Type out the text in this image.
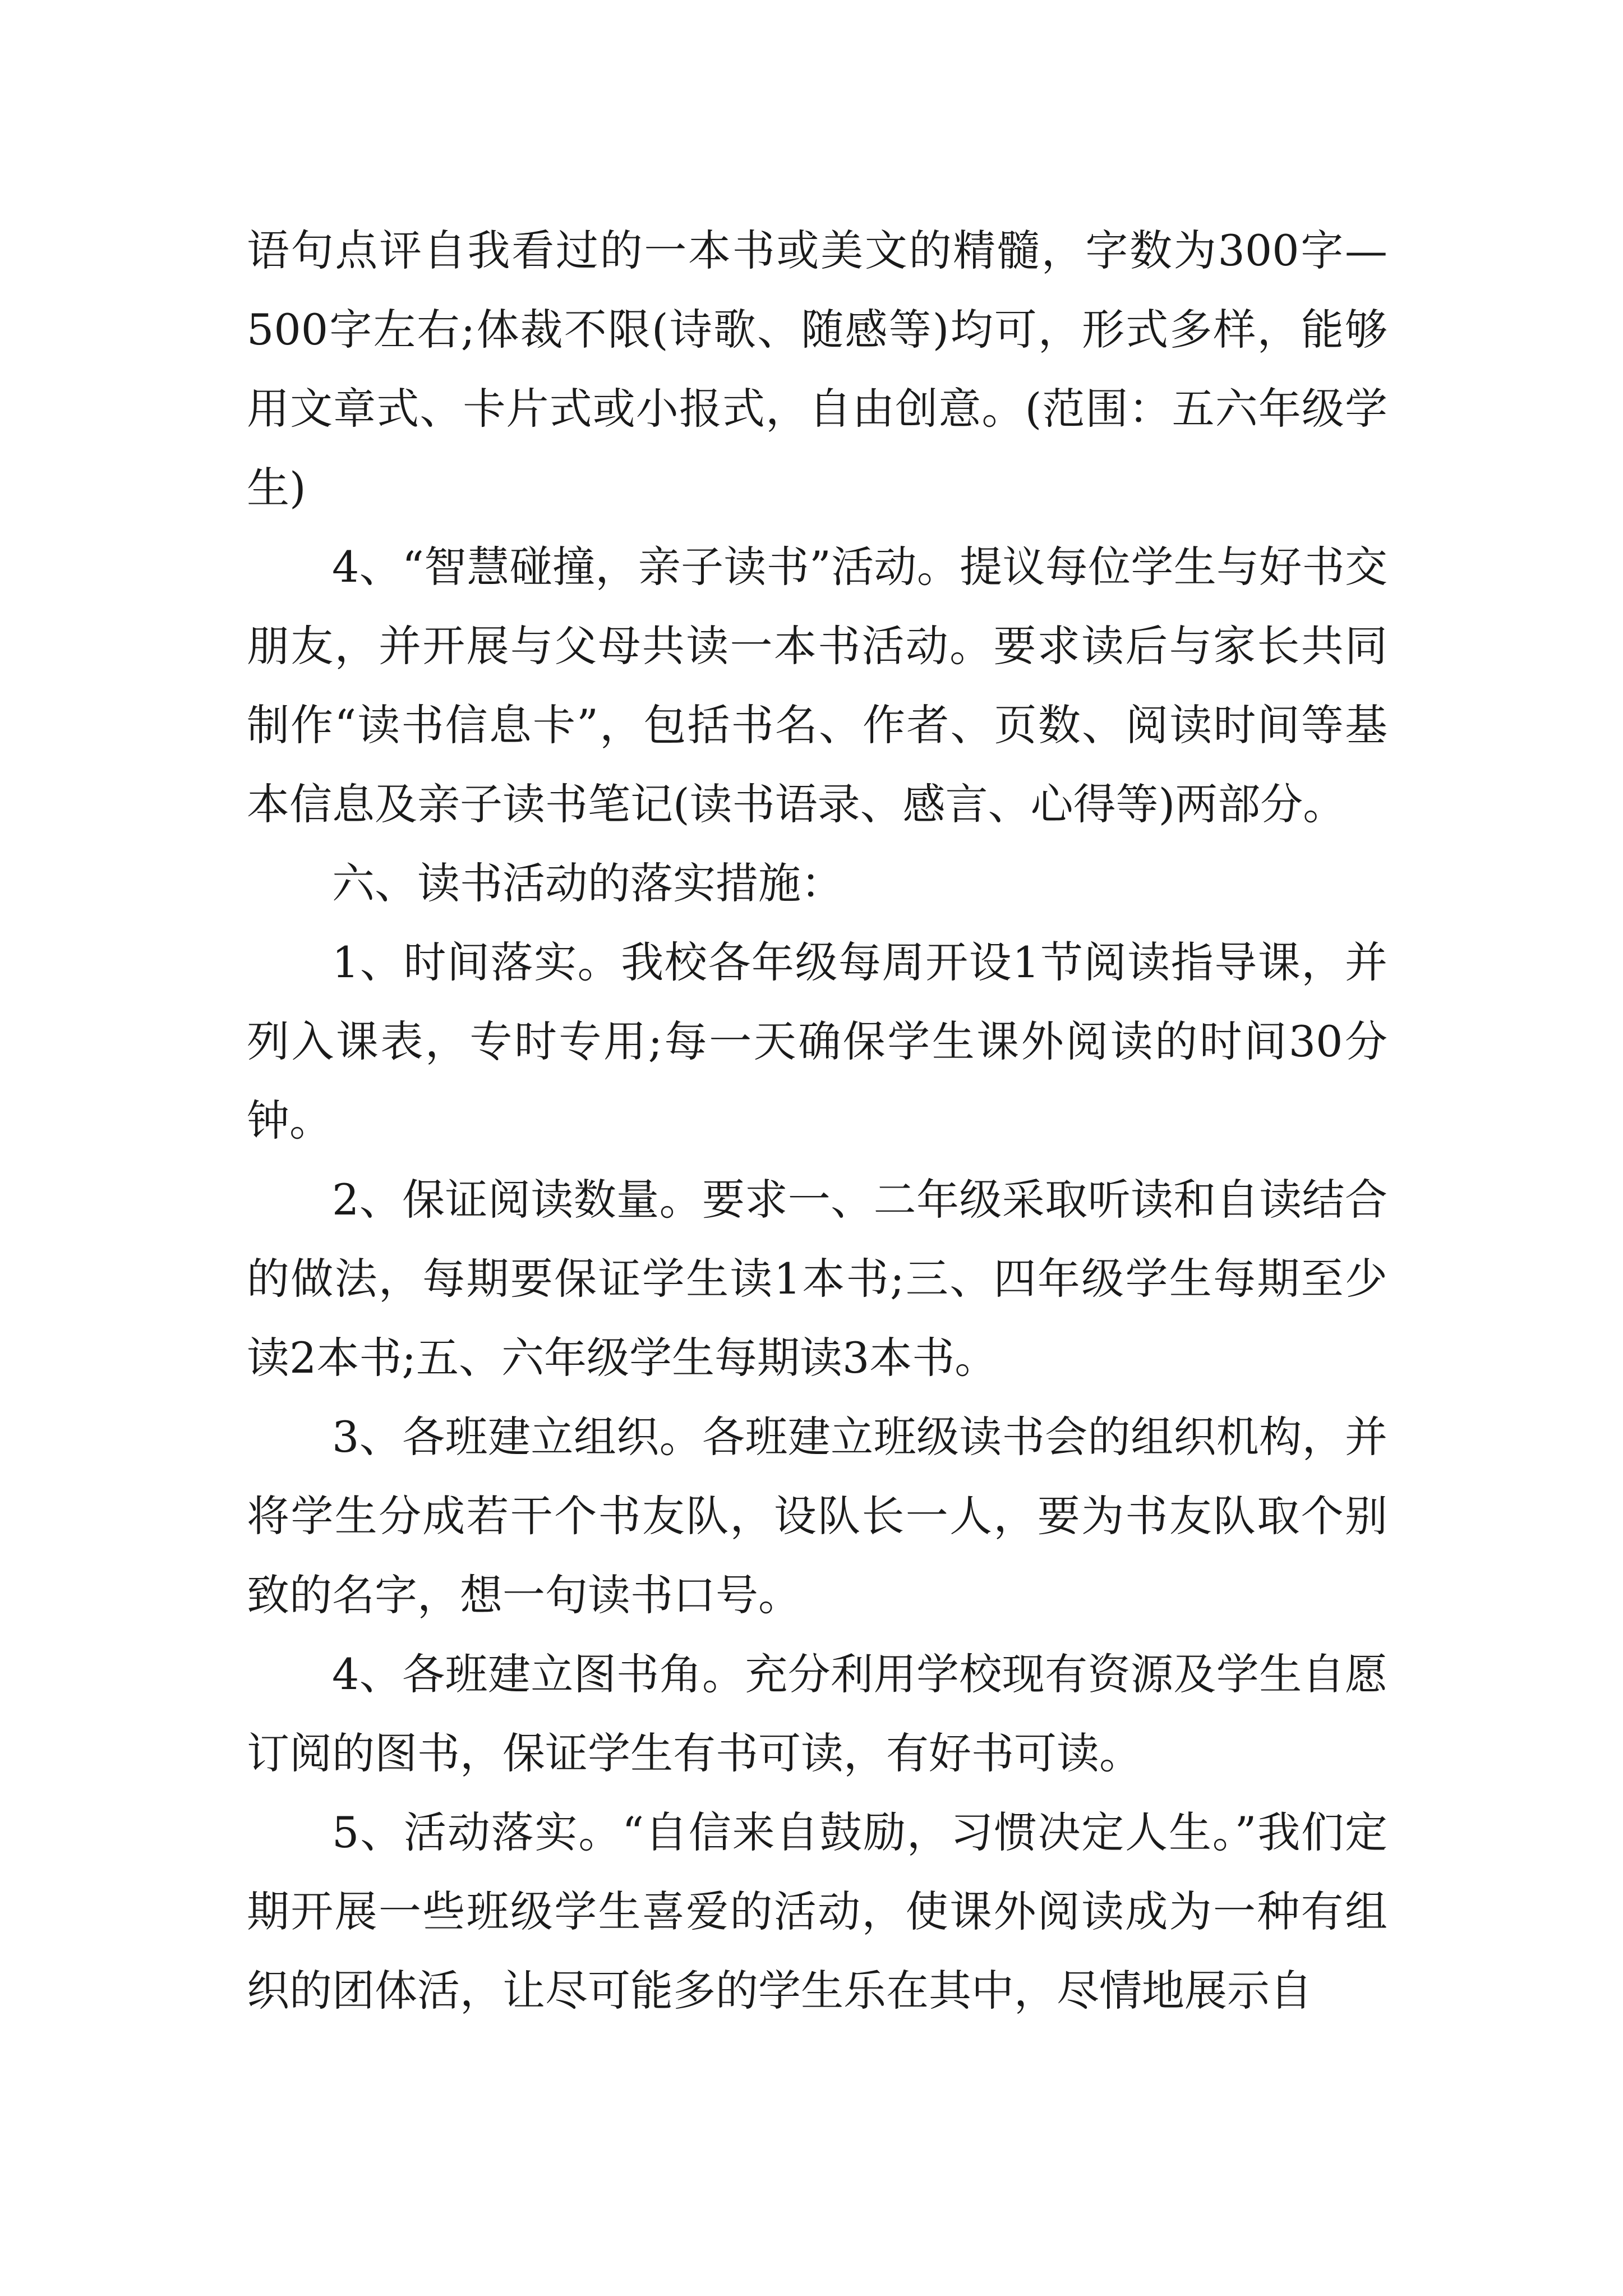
语句点评自我看过的一本书或美文的精髓，字数为300字—500字左右;体裁不限(诗歌、随感等)均可，形式多样，能够用文章式、卡片式或小报式，自由创意。(范围：五六年级学生)

4、“智慧碰撞，亲子读书”活动。提议每位学生与好书交朋友，并开展与父母共读一本书活动。要求读后与家长共同制作“读书信息卡”，包括书名、作者、页数、阅读时间等基本信息及亲子读书笔记(读书语录、感言、心得等)两部分。

六、读书活动的落实措施：

1、时间落实。我校各年级每周开设1节阅读指导课，并列入课表，专时专用;每一天确保学生课外阅读的时间30分钟。

2、保证阅读数量。要求一、二年级采取听读和自读结合的做法，每期要保证学生读1本书;三、四年级学生每期至少读2本书;五、六年级学生每期读3本书。

3、各班建立组织。各班建立班级读书会的组织机构，并将学生分成若干个书友队，设队长一人，要为书友队取个别致的名字，想一句读书口号。

4、各班建立图书角。充分利用学校现有资源及学生自愿订阅的图书，保证学生有书可读，有好书可读。

5、活动落实。“自信来自鼓励，习惯决定人生。”我们定期开展一些班级学生喜爱的活动，使课外阅读成为一种有组织的团体活，让尽可能多的学生乐在其中，尽情地展示自
